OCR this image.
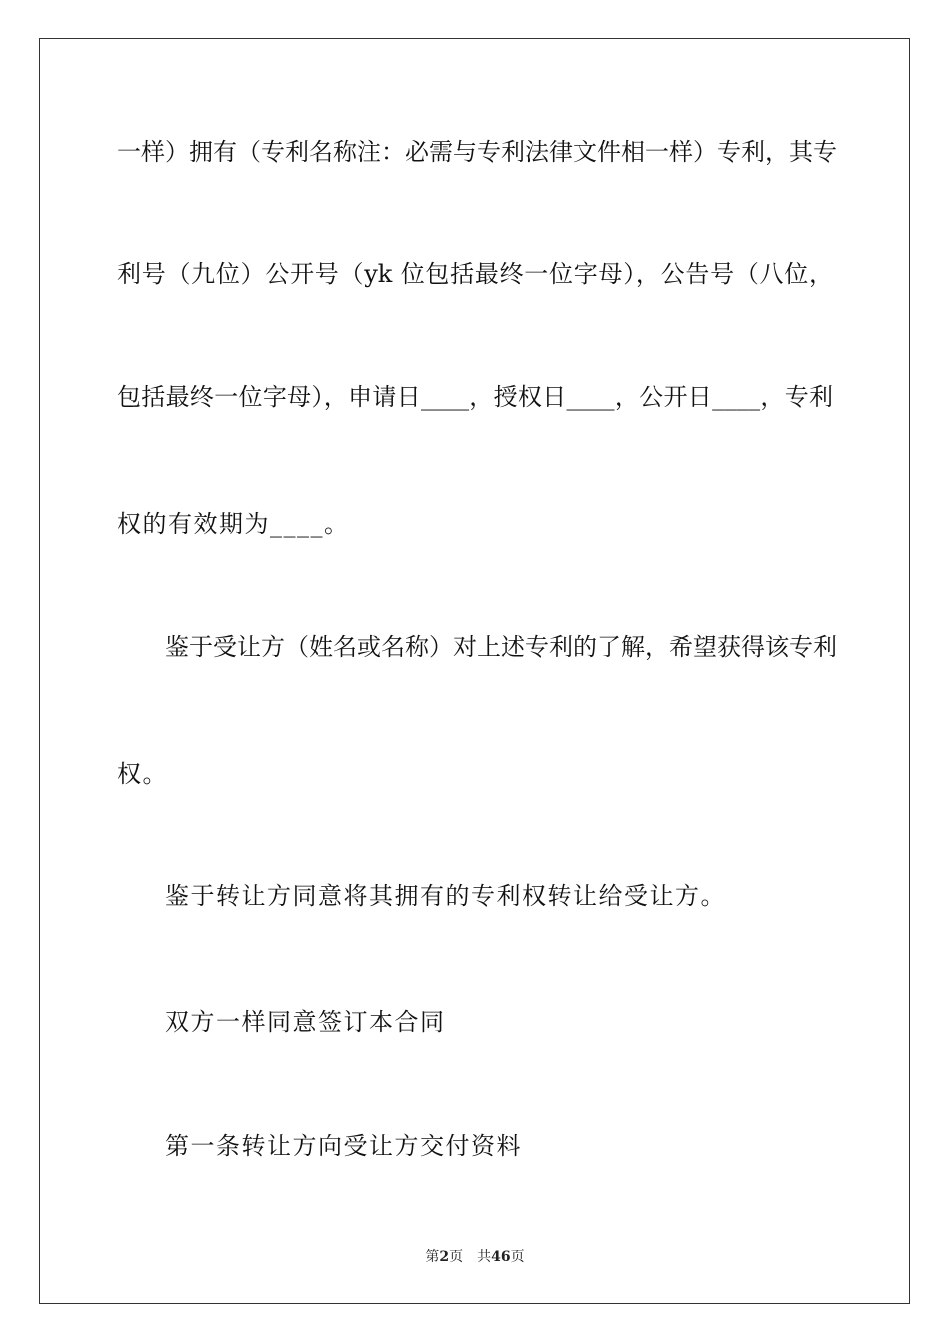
一样）拥有（专利名称注：必需与专利法律文件相一样）专利，其专
利号（九位）公开号（yk 位包括最终一位字母），公告号（八位，
包括最终一位字母），申请日____，授权日____，公开日____，专利
权的有效期为____。
鉴于受让方（姓名或名称）对上述专利的了解，希望获得该专利
权。
鉴于转让方同意将其拥有的专利权转让给受让方。
双方一样同意签订本合同
第一条转让方向受让方交付资料
第2页 共46页
